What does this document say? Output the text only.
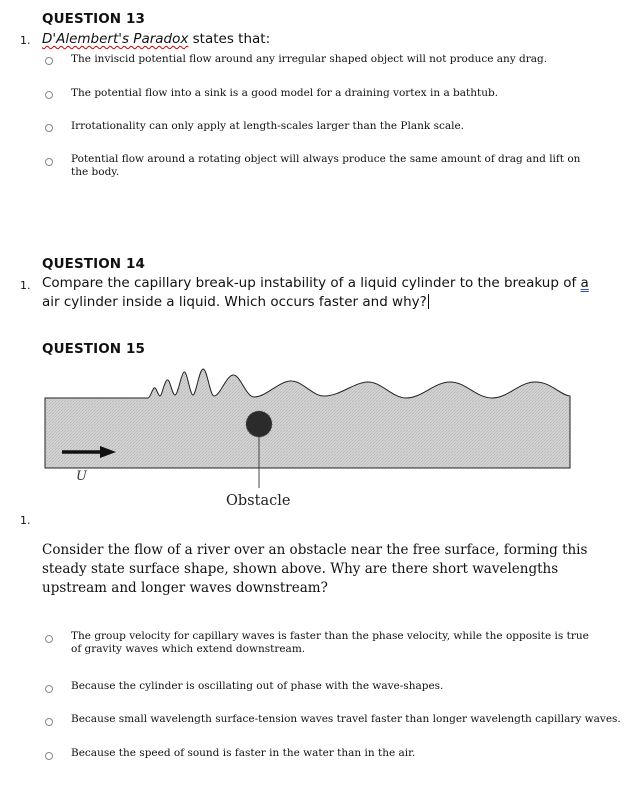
QUESTION 13
1. D'Alembert's Paradox states that:
The inviscid potential flow around any irregular shaped object will not produce any drag.
The potential flow into a sink is a good model for a draining vortex in a bathtub.
Irrotationality can only apply at length-scales larger than the Plank scale.
Potential flow around a rotating object will always produce the same amount of drag and lift on the body.
QUESTION 14
1. Compare the capillary break-up instability of a liquid cylinder to the breakup of a air cylinder inside a liquid. Which occurs faster and why?
QUESTION 15
U
Obstacle
1.
Consider the flow of a river over an obstacle near the free surface, forming this steady state surface shape, shown above. Why are there short wavelengths upstream and longer waves downstream?
The group velocity for capillary waves is faster than the phase velocity, while the opposite is true of gravity waves which extend downstream.
Because the cylinder is oscillating out of phase with the wave-shapes.
Because small wavelength surface-tension waves travel faster than longer wavelength capillary waves.
Because the speed of sound is faster in the water than in the air.
